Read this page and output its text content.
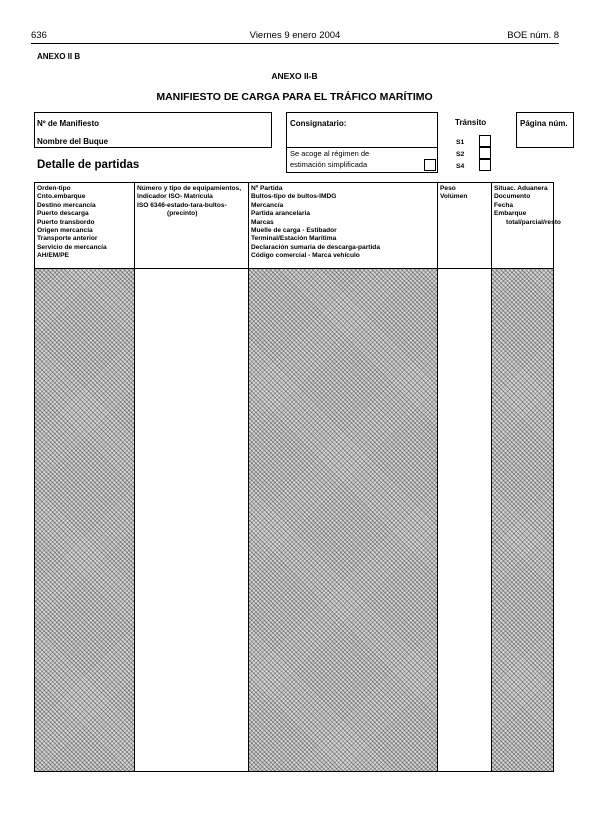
636	Viernes 9 enero 2004	BOE núm. 8
ANEXO II B
ANEXO II-B
MANIFIESTO DE CARGA PARA EL TRÁFICO MARÍTIMO
Nº de Manifiesto
Nombre del Buque
Consignatario:
Se acoge al régimen de
estimación simplificada
Detalle de partidas
Tránsito
S1
S2
S4
Página núm.
Orden-tipo
Cnto.embarque
Destino mercancía
Puerto descarga
Puerto transbordo
Origen mercancía
Transporte anterior
Servicio de mercancía
AH/EM/PE
Número y tipo de equipamientos,
Indicador ISO- Matrícula
ISO 6346-estado-tara-bultos-
(precinto)
Nº Partida
Bultos-tipo de bultos-IMDG
Mercancía
Partida arancelaria
Marcas
Muelle de carga - Estibador
Terminal/Estación Marítima
Declaración sumaria de descarga-partida
Código comercial - Marca vehículo
Peso
Volúmen
Situac. Aduanera
Documento
Fecha
Embarque
total/parcial/resto
